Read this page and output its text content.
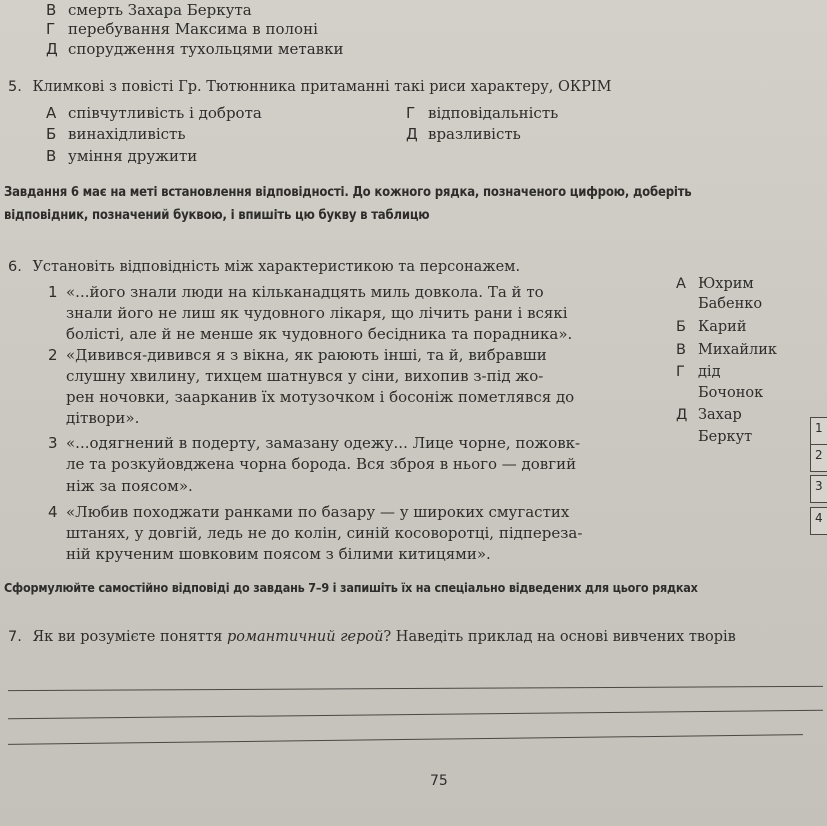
В смерть Захара Беркута
Г перебування Максима в полоні
Д спорудження тухольцями метавки
5. Климкові з повісті Гр. Тютюнника притаманні такі риси характеру, ОКРІМ
А співчутливість і доброта
Б винахідливість
В уміння дружити
Г відповідальність
Д вразливість
Завдання 6 має на меті встановлення відповідності. До кожного рядка, позначеного цифрою, доберіть
відповідник, позначений буквою, і впишіть цю букву в таблицю
6. Установіть відповідність між характеристикою та персонажем.
1 «...його знали люди на кільканадцять миль довкола. Та й то
знали його не лиш як чудовного лікаря, що лічить рани і всякі
болісті, але й не менше як чудовного бесідника та порадника».
2 «Дивився-дивився я з вікна, як раюють інші, та й, вибравши
слушну хвилину, тихцем шатнувся у сіни, вихопив з-під жо-
рен ночовки, заарканив їх мотузочком і босоніж пометлявся до
дітвори».
3 «...одягнений в подерту, замазану одежу... Лице чорне, пожовк-
ле та розкуйовджена чорна борода. Вся зброя в нього — довгий
ніж за поясом».
4 «Любив походжати ранками по базару — у широких смугастих
штанях, у довгій, ледь не до колін, синій косоворотці, підпереза-
ній крученим шовковим поясом з білими китицями».
А Юхрим
Бабенко
Б Карий
В Михайлик
Г дід
Бочонок
Д Захар
Беркут
1
2
3
4
Сформулюйте самостійно відповіді до завдань 7–9 і запишіть їх на спеціально відведених для цього рядках
7. Як ви розумієте поняття романтичний герой? Наведіть приклад на основі вивчених творів
75
